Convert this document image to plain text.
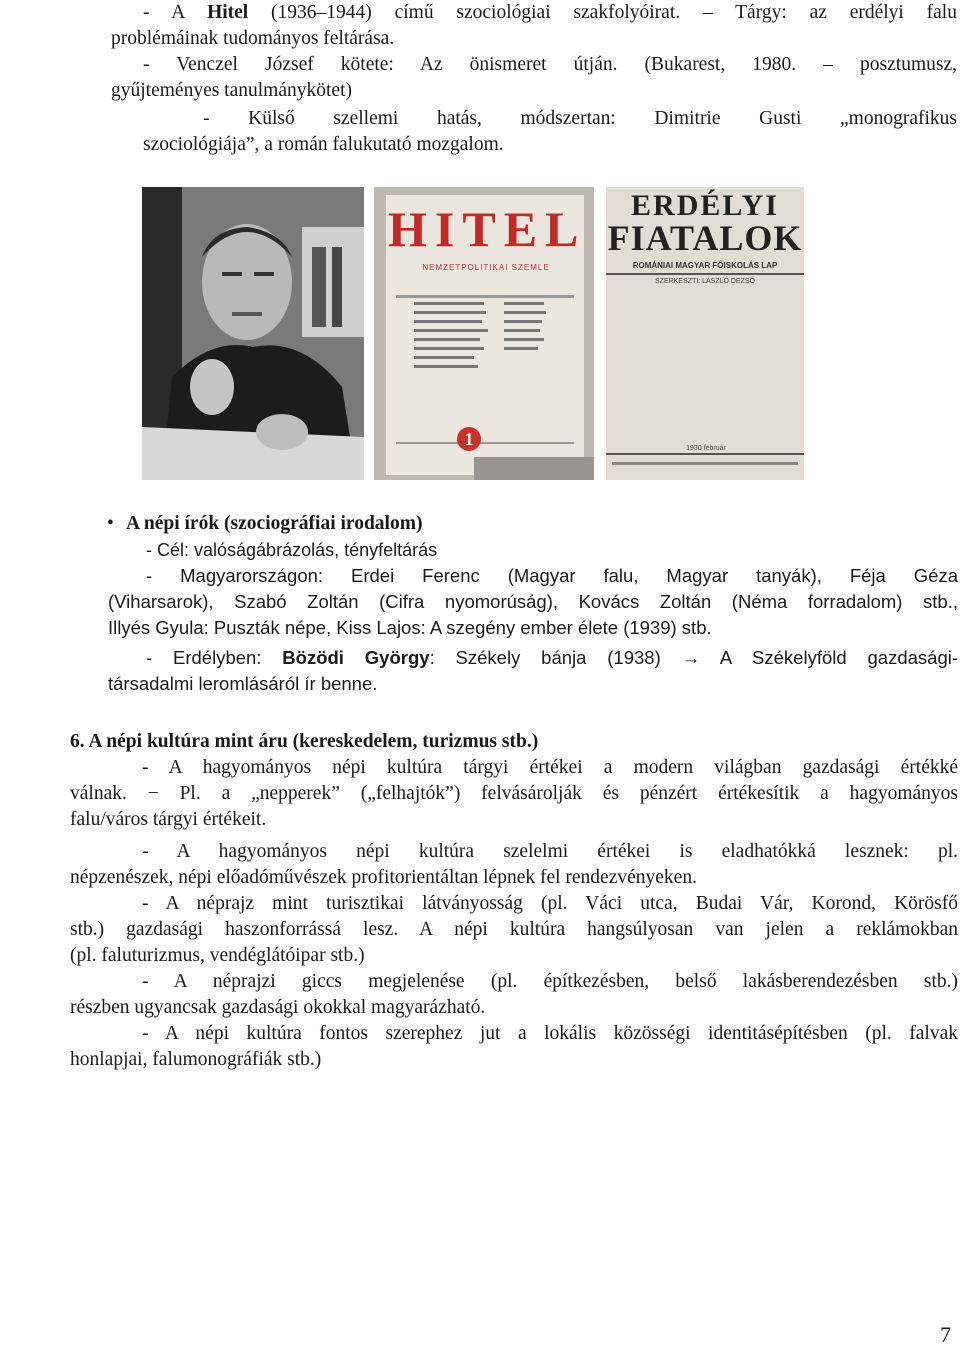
- A Hitel (1936–1944) című szociológiai szakfolyóirat. – Tárgy: az erdélyi falu
problémáinak tudományos feltárása.
- Venczel József kötete: Az önismeret útján. (Bukarest, 1980. – posztumusz,
gyűjteményes tanulmánykötet)
- Külső szellemi hatás, módszertan: Dimitrie Gusti „monografikus
szociológiája”, a román falukutató mozgalom.
HITEL
NEMZETPOLITIKAI SZEMLE
1
ERDÉLYI
FIATALOK
ROMÁNIAI MAGYAR FŐISKOLÁS LAP
SZERKESZTI: LÁSZLÓ DEZSŐ
1930 február
• A népi írók (szociográfiai irodalom)
- Cél: valóságábrázolás, tényfeltárás
- Magyarországon: Erdei Ferenc (Magyar falu, Magyar tanyák), Féja Géza
(Viharsarok), Szabó Zoltán (Cifra nyomorúság), Kovács Zoltán (Néma forradalom) stb.,
Illyés Gyula: Puszták népe, Kiss Lajos: A szegény ember élete (1939) stb.
- Erdélyben: Bözödi György: Székely bánja (1938) → A Székelyföld gazdasági-
társadalmi leromlásáról ír benne.
6. A népi kultúra mint áru (kereskedelem, turizmus stb.)
- A hagyományos népi kultúra tárgyi értékei a modern világban gazdasági értékké
válnak. − Pl. a „nepperek” („felhajtók”) felvásárolják és pénzért értékesítik a hagyományos
falu/város tárgyi értékeit.
- A hagyományos népi kultúra szelelmi értékei is eladhatókká lesznek: pl.
népzenészek, népi előadóművészek profitorientáltan lépnek fel rendezvényeken.
- A néprajz mint turisztikai látványosság (pl. Váci utca, Budai Vár, Korond, Körösfő
stb.) gazdasági haszonforrássá lesz. A népi kultúra hangsúlyosan van jelen a reklámokban
(pl. faluturizmus, vendéglátóipar stb.)
- A néprajzi giccs megjelenése (pl. építkezésben, belső lakásberendezésben stb.)
részben ugyancsak gazdasági okokkal magyarázható.
- A népi kultúra fontos szerephez jut a lokális közösségi identitásépítésben (pl. falvak
honlapjai, falumonográfiák stb.)
7
